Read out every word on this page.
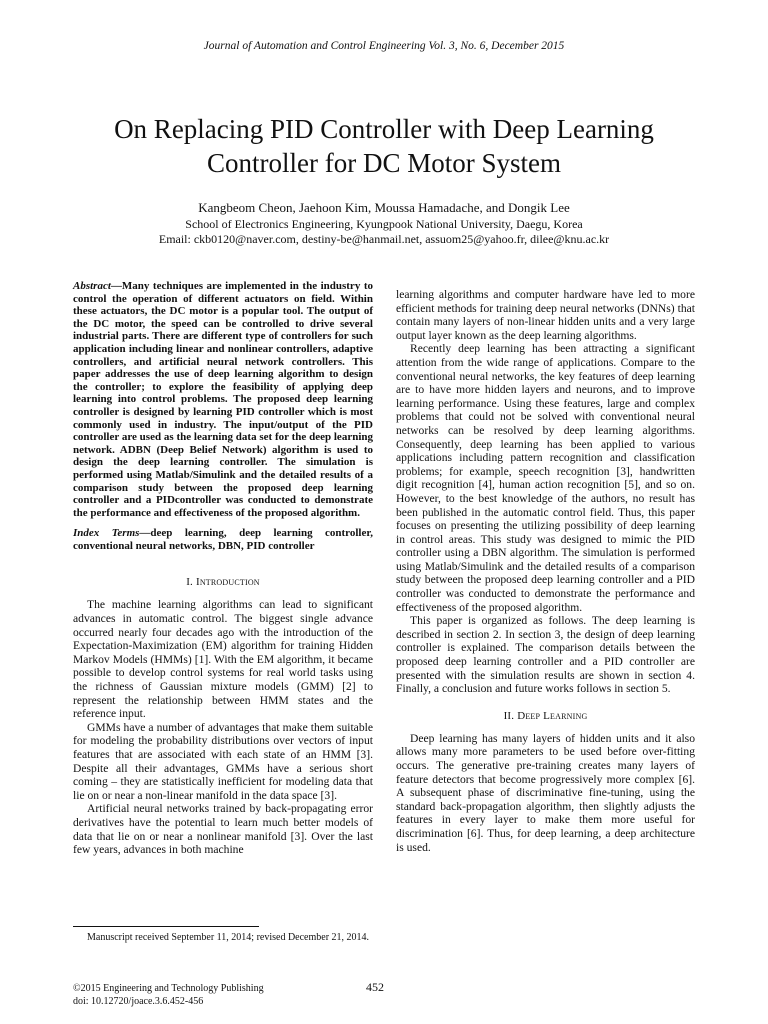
Journal of Automation and Control Engineering Vol. 3, No. 6, December 2015
On Replacing PID Controller with Deep Learning
Controller for DC Motor System
Kangbeom Cheon, Jaehoon Kim, Moussa Hamadache, and Dongik Lee
School of Electronics Engineering, Kyungpook National University, Daegu, Korea
Email: ckb0120@naver.com, destiny-be@hanmail.net, assuom25@yahoo.fr, dilee@knu.ac.kr

Abstract—Many techniques are implemented in the industry to control the operation of different actuators on field. Within these actuators, the DC motor is a popular tool. The output of the DC motor, the speed can be controlled to drive several industrial parts. There are different type of controllers for such application including linear and nonlinear controllers, adaptive controllers, and artificial neural network controllers. This paper addresses the use of deep learning algorithm to design the controller; to explore the feasibility of applying deep learning into control problems. The proposed deep learning controller is designed by learning PID controller which is most commonly used in industry. The input/output of the PID controller are used as the learning data set for the deep learning network. ADBN (Deep Belief Network) algorithm is used to design the deep learning controller. The simulation is performed using Matlab/Simulink and the detailed results of a comparison study between the proposed deep learning controller and a PIDcontroller was conducted to demonstrate the performance and effectiveness of the proposed algorithm.

Index Terms—deep learning, deep learning controller, conventional neural networks, DBN, PID controller

I. Introduction

The machine learning algorithms can lead to significant advances in automatic control. The biggest single advance occurred nearly four decades ago with the introduction of the Expectation-Maximization (EM) algorithm for training Hidden Markov Models (HMMs) [1]. With the EM algorithm, it became possible to develop control systems for real world tasks using the richness of Gaussian mixture models (GMM) [2] to represent the relationship between HMM states and the reference input.

GMMs have a number of advantages that make them suitable for modeling the probability distributions over vectors of input features that are associated with each state of an HMM [3]. Despite all their advantages, GMMs have a serious short coming – they are statistically inefficient for modeling data that lie on or near a non-linear manifold in the data space [3].

Artificial neural networks trained by back-propagating error derivatives have the potential to learn much better models of data that lie on or near a nonlinear manifold [3]. Over the last few years, advances in both machine

learning algorithms and computer hardware have led to more efficient methods for training deep neural networks (DNNs) that contain many layers of non-linear hidden units and a very large output layer known as the deep learning algorithms.

Recently deep learning has been attracting a significant attention from the wide range of applications. Compare to the conventional neural networks, the key features of deep learning are to have more hidden layers and neurons, and to improve learning performance. Using these features, large and complex problems that could not be solved with conventional neural networks can be resolved by deep learning algorithms. Consequently, deep learning has been applied to various applications including pattern recognition and classification problems; for example, speech recognition [3], handwritten digit recognition [4], human action recognition [5], and so on. However, to the best knowledge of the authors, no result has been published in the automatic control field. Thus, this paper focuses on presenting the utilizing possibility of deep learning in control areas. This study was designed to mimic the PID controller using a DBN algorithm. The simulation is performed using Matlab/Simulink and the detailed results of a comparison study between the proposed deep learning controller and a PID controller was conducted to demonstrate the performance and effectiveness of the proposed algorithm.

This paper is organized as follows. The deep learning is described in section 2. In section 3, the design of deep learning controller is explained. The comparison details between the proposed deep learning controller and a PID controller are presented with the simulation results are shown in section 4. Finally, a conclusion and future works follows in section 5.

II. Deep Learning

Deep learning has many layers of hidden units and it also allows many more parameters to be used before over-fitting occurs. The generative pre-training creates many layers of feature detectors that become progressively more complex [6]. A subsequent phase of discriminative fine-tuning, using the standard back-propagation algorithm, then slightly adjusts the features in every layer to make them more useful for discrimination [6]. Thus, for deep learning, a deep architecture is used.

Manuscript received September 11, 2014; revised December 21, 2014.
©2015 Engineering and Technology Publishing
doi: 10.12720/joace.3.6.452-456
452
